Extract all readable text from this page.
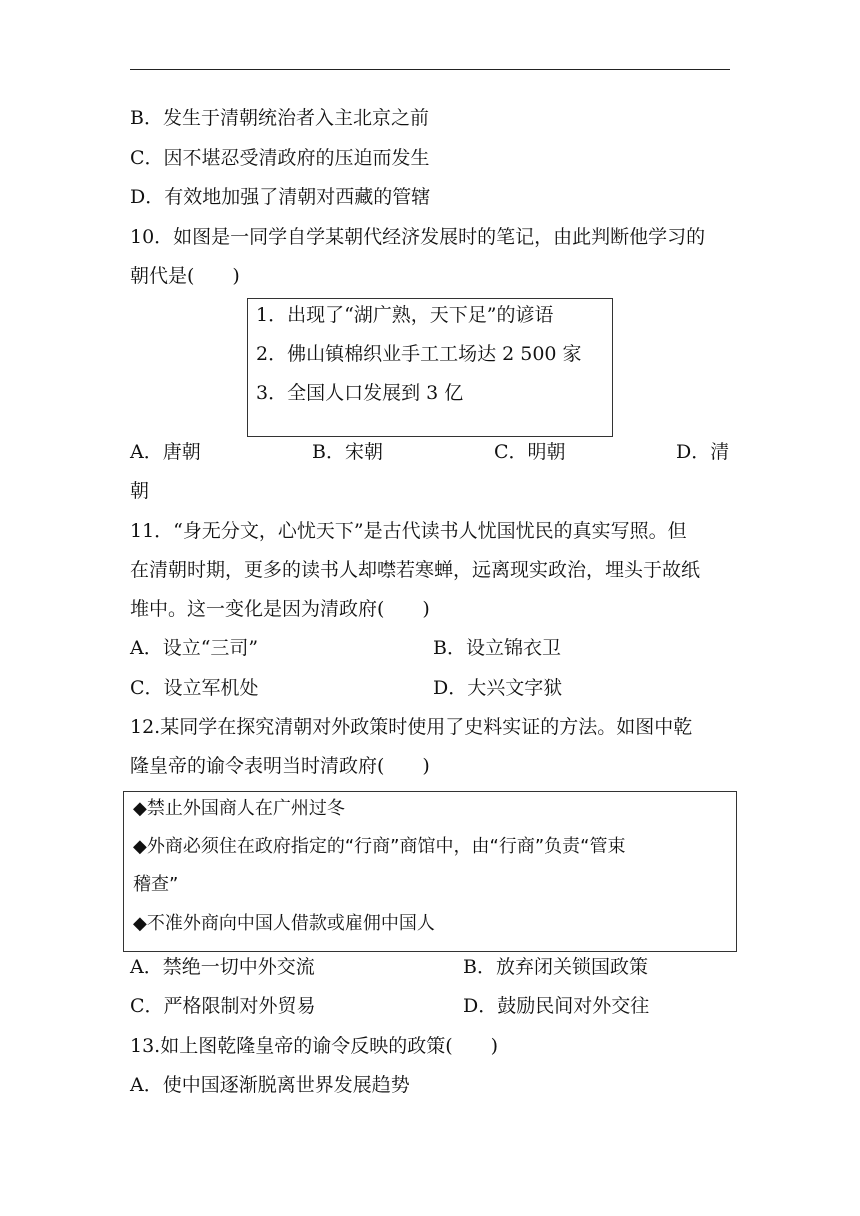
B．发生于清朝统治者入主北京之前
C．因不堪忍受清政府的压迫而发生
D．有效地加强了清朝对西藏的管辖
10．如图是一同学自学某朝代经济发展时的笔记，由此判断他学习的
朝代是(　　)
1．出现了“湖广熟，天下足”的谚语
2．佛山镇棉织业手工工场达 2 500 家
3．全国人口发展到 3 亿
A．唐朝	B．宋朝	C．明朝	D．清
朝
11．“身无分文，心忧天下”是古代读书人忧国忧民的真实写照。但
在清朝时期，更多的读书人却噤若寒蝉，远离现实政治，埋头于故纸
堆中。这一变化是因为清政府(　　)
A．设立“三司”	B．设立锦衣卫
C．设立军机处	D．大兴文字狱
12.某同学在探究清朝对外政策时使用了史料实证的方法。如图中乾
隆皇帝的谕令表明当时清政府(　　)
◆禁止外国商人在广州过冬
◆外商必须住在政府指定的“行商”商馆中，由“行商”负责“管束
稽查”
◆不准外商向中国人借款或雇佣中国人
A．禁绝一切中外交流	B．放弃闭关锁国政策
C．严格限制对外贸易	D．鼓励民间对外交往
13.如上图乾隆皇帝的谕令反映的政策(　　)
A．使中国逐渐脱离世界发展趋势
